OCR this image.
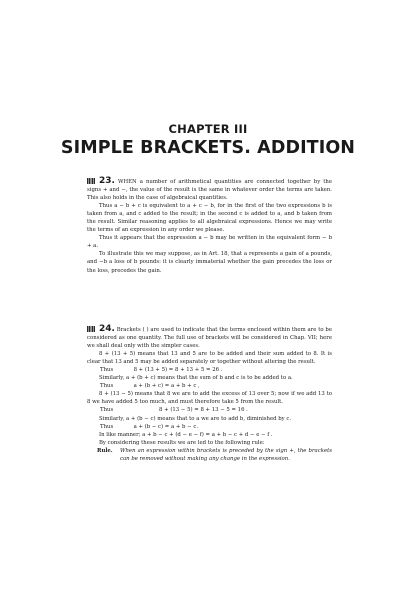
CHAPTER III
SIMPLE BRACKETS. ADDITION

23. WHEN a number of arithmetical quantities are connected together by the signs + and −, the value of the result is the same in whatever order the terms are taken. This also holds in the case of algebraical quantities.

Thus a − b + c is equivalent to a + c − b, for in the first of the two expressions b is taken from a, and c added to the result; in the second c is added to a, and b taken from the result. Similar reasoning applies to all algebraical expressions. Hence we may write the terms of an expression in any order we please.

Thus it appears that the expression a − b may be written in the equivalent form − b + a.

To illustrate this we may suppose, as in Art. 18, that a represents a gain of a pounds, and −b a loss of b pounds: it is clearly immaterial whether the gain precedes the loss or the loss, precedes the gain.

24. Brackets ( ) are used to indicate that the terms enclosed within them are to be considered as one quantity. The full use of brackets will be considered in Chap. VII; here we shall deal only with the simpler cases.

8 + (13 + 5) means that 13 and 5 are to be added and their sum added to 8. It is clear that 13 and 5 may be added separately or together without altering the result.

Thus            8 + (13 + 5) = 8 + 13 + 5 = 26 .

Similarly, a + (b + c) means that the sum of b and c is to be added to a.

Thus            a + (b + c) = a + b + c ,

8 + (13 − 5) means that 8 we are to add the excess of 13 over 5; now if we add 13 to 8 we have added 5 too much, and must therefore take 5 from the result.

Thus                           8 + (13 − 5) = 8 + 13 − 5 = 16 .

Similarly, a + (b − c) means that to a we are to add b, diminished by c.

Thus            a + (b − c) = a + b − c.

In like manner; a + b − c + (d − e − f) = a + b − c + d − e − f .

By considering these results we are led to the following rule:

Rule.	When an expression within brackets is preceded by the sign +, the brackets can be removed without making any change in the expression.
